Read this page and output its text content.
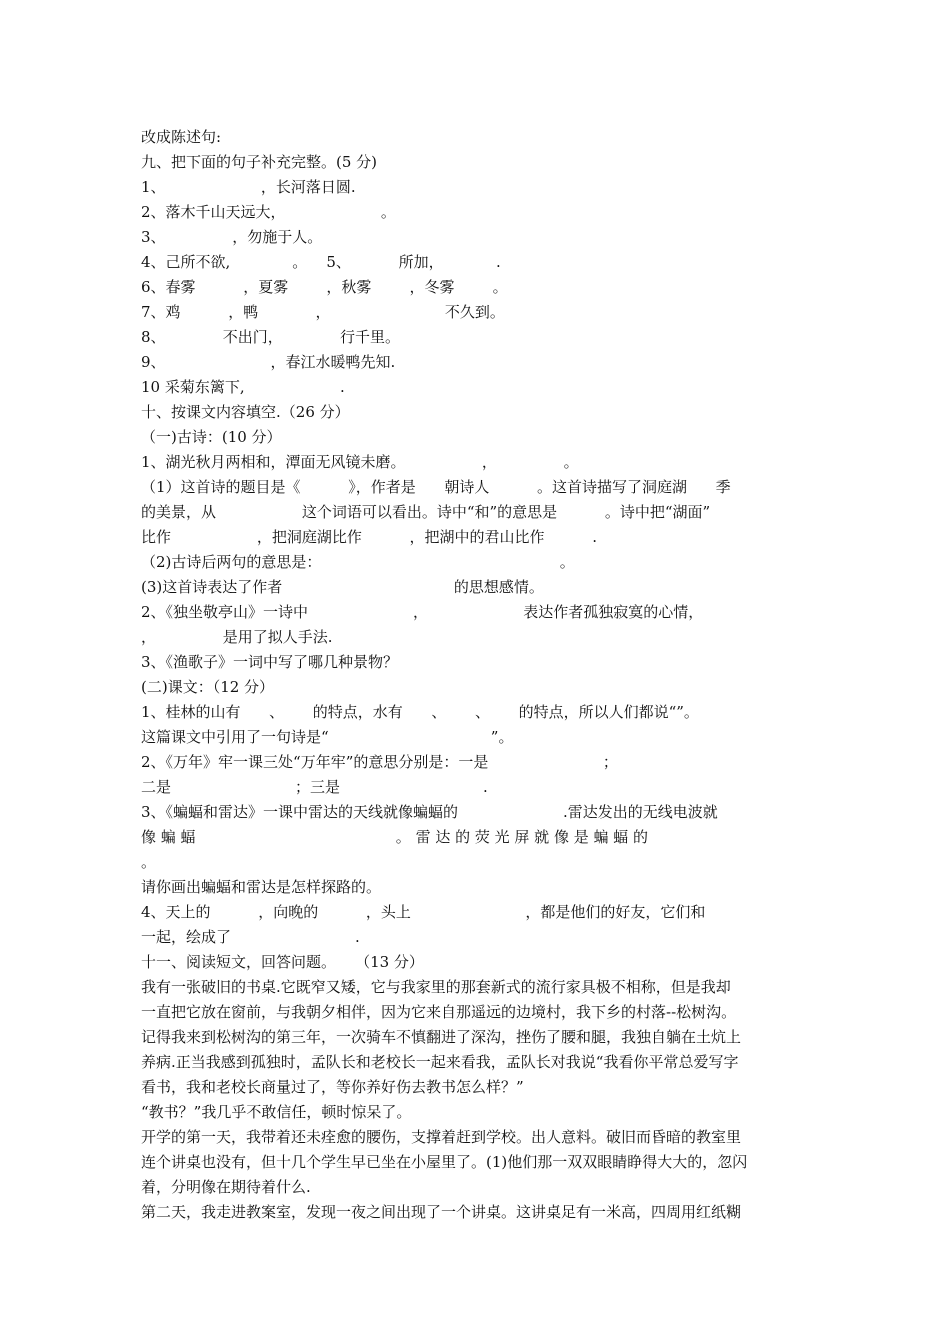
改成陈述句:

九、把下面的句子补充完整。(5 分)

1、                    ，长河落日圆.

2、落木千山天远大，                    。

3、              ，勿施于人。

4、己所不欲,             。    5、          所加，           .

6、春雾          ，夏雾        ，秋雾        ，冬雾        。

7、鸡          ，鸭            ，                        不久到。

8、            不出门，            行千里。

9、                      ，春江水暖鸭先知.

10 采菊东篱下,                    .

十、按课文内容填空.（26 分）

（一)古诗：(10 分）

1、湖光秋月两相和，潭面无风镜未磨。                ，              。

（1）这首诗的题目是《          》，作者是      朝诗人          。这首诗描写了洞庭湖      季

的美景，从                  这个词语可以看出。诗中“和”的意思是          。诗中把“湖面”

比作                  ，把洞庭湖比作          ，把湖中的君山比作          .

（2)古诗后两句的意思是：                                                  。

(3)这首诗表达了作者                                    的思想感情。

2、《独坐敬亭山》一诗中                      ，                    表达作者孤独寂寞的心情，

，              是用了拟人手法.

3、《渔歌子》一词中写了哪几种景物？

(二)课文：（12 分）

1、桂林的山有      、      的特点，水有      、      、      的特点，所以人们都说“”。

这篇课文中引用了一句诗是“                                  ”。

2、《万年》牢一课三处“万年牢”的意思分别是：一是                        ；

二是                          ；三是                              .

3、《蝙蝠和雷达》一课中雷达的天线就像蝙蝠的                      .雷达发出的无线电波就

像 蝙 蝠                                          。 雷 达 的 荧 光 屏 就 像 是 蝙 蝠 的

。

请你画出蝙蝠和雷达是怎样探路的。

4、天上的          ，向晚的          ，头上                        ，都是他们的好友，它们和

一起，绘成了                          .

十一、阅读短文，回答问题。    （13 分）

我有一张破旧的书桌.它既窄又矮，它与我家里的那套新式的流行家具极不相称，但是我却

一直把它放在窗前，与我朝夕相伴，因为它来自那遥远的边境村，我下乡的村落--松树沟。

记得我来到松树沟的第三年，一次骑车不慎翻进了深沟，挫伤了腰和腿，我独自躺在土炕上

养病.正当我感到孤独时，孟队长和老校长一起来看我，孟队长对我说“我看你平常总爱写字

看书，我和老校长商量过了，等你养好伤去教书怎么样？”

“教书？”我几乎不敢信任，顿时惊呆了。

开学的第一天，我带着还未痊愈的腰伤，支撑着赶到学校。出人意料。破旧而昏暗的教室里

连个讲桌也没有，但十几个学生早已坐在小屋里了。(1)他们那一双双眼睛睁得大大的，忽闪

着，分明像在期待着什么.

第二天，我走进教案室，发现一夜之间出现了一个讲桌。这讲桌足有一米高，四周用红纸糊
